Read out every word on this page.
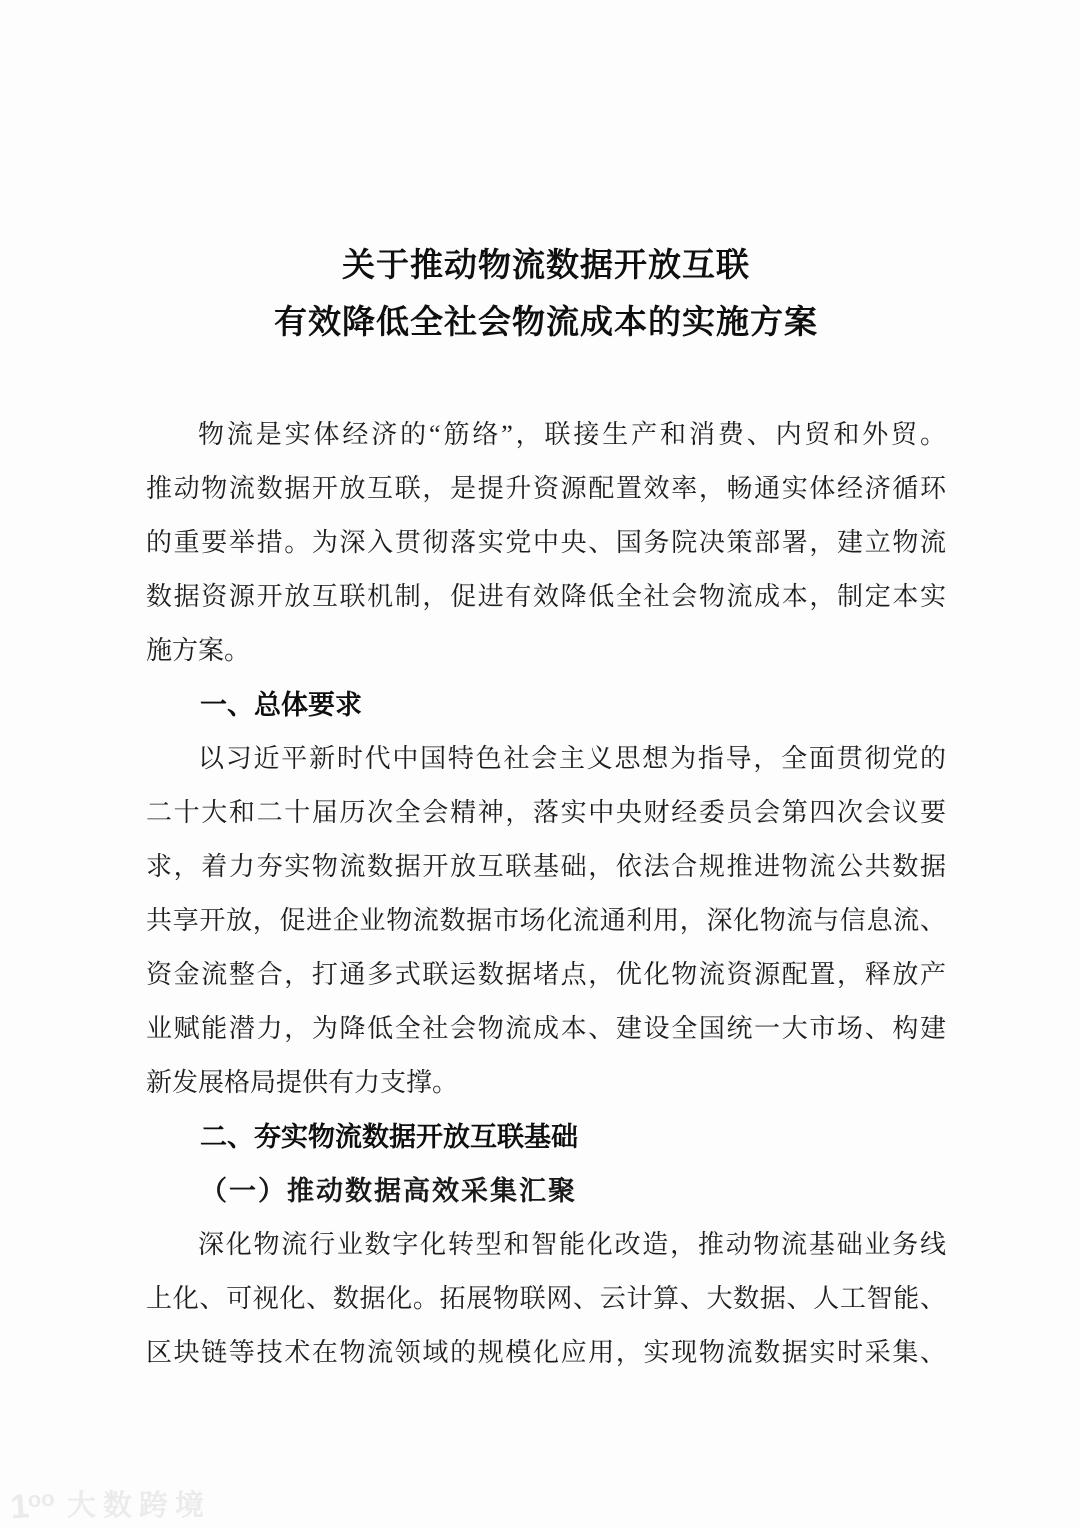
关于推动物流数据开放互联
有效降低全社会物流成本的实施方案
物流是实体经济的“筋络”，联接生产和消费、内贸和外贸。
推动物流数据开放互联，是提升资源配置效率，畅通实体经济循环
的重要举措。为深入贯彻落实党中央、国务院决策部署，建立物流
数据资源开放互联机制，促进有效降低全社会物流成本，制定本实
施方案。
一、总体要求
以习近平新时代中国特色社会主义思想为指导，全面贯彻党的
二十大和二十届历次全会精神，落实中央财经委员会第四次会议要
求，着力夯实物流数据开放互联基础，依法合规推进物流公共数据
共享开放，促进企业物流数据市场化流通利用，深化物流与信息流、
资金流整合，打通多式联运数据堵点，优化物流资源配置，释放产
业赋能潜力，为降低全社会物流成本、建设全国统一大市场、构建
新发展格局提供有力支撑。
二、夯实物流数据开放互联基础
（一）推动数据高效采集汇聚
深化物流行业数字化转型和智能化改造，推动物流基础业务线
上化、可视化、数据化。拓展物联网、云计算、大数据、人工智能、
区块链等技术在物流领域的规模化应用，实现物流数据实时采集、
$1^{oo}$ 大数跨境
